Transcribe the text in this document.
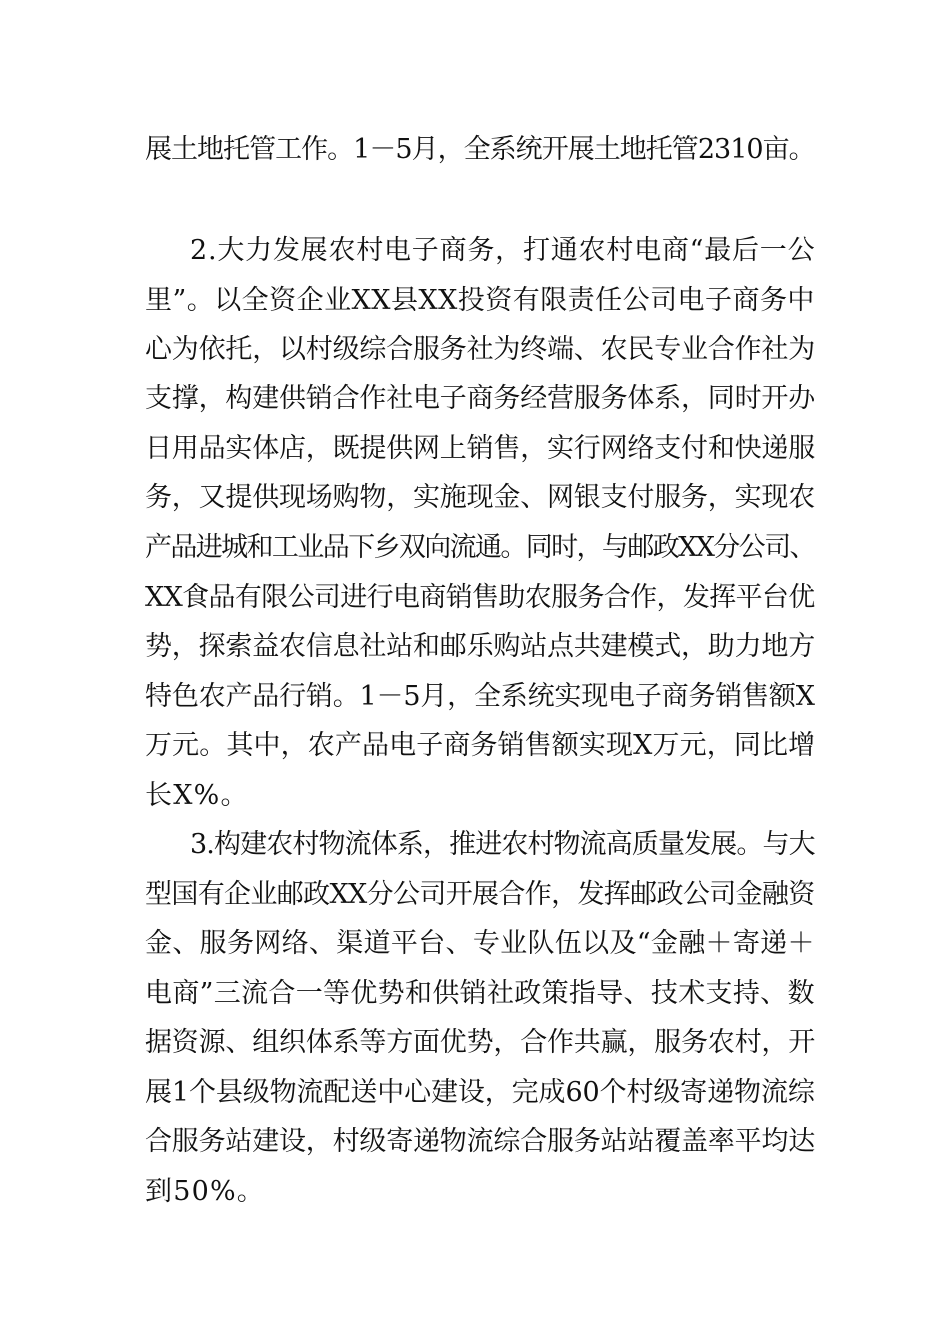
展土地托管工作。1－5月，全系统开展土地托管2310亩。
2.大力发展农村电子商务，打通农村电商“最后一公
里”。以全资企业XX县XX投资有限责任公司电子商务中
心为依托，以村级综合服务社为终端、农民专业合作社为
支撑，构建供销合作社电子商务经营服务体系，同时开办
日用品实体店，既提供网上销售，实行网络支付和快递服
务，又提供现场购物，实施现金、网银支付服务，实现农
产品进城和工业品下乡双向流通。同时，与邮政XX分公司、
XX食品有限公司进行电商销售助农服务合作，发挥平台优
势，探索益农信息社站和邮乐购站点共建模式，助力地方
特色农产品行销。1－5月，全系统实现电子商务销售额X
万元。其中，农产品电子商务销售额实现X万元，同比增
长X%。
3.构建农村物流体系，推进农村物流高质量发展。与大
型国有企业邮政XX分公司开展合作，发挥邮政公司金融资
金、服务网络、渠道平台、专业队伍以及“金融＋寄递＋
电商”三流合一等优势和供销社政策指导、技术支持、数
据资源、组织体系等方面优势，合作共赢，服务农村，开
展1个县级物流配送中心建设，完成60个村级寄递物流综
合服务站建设，村级寄递物流综合服务站站覆盖率平均达
到50%。
